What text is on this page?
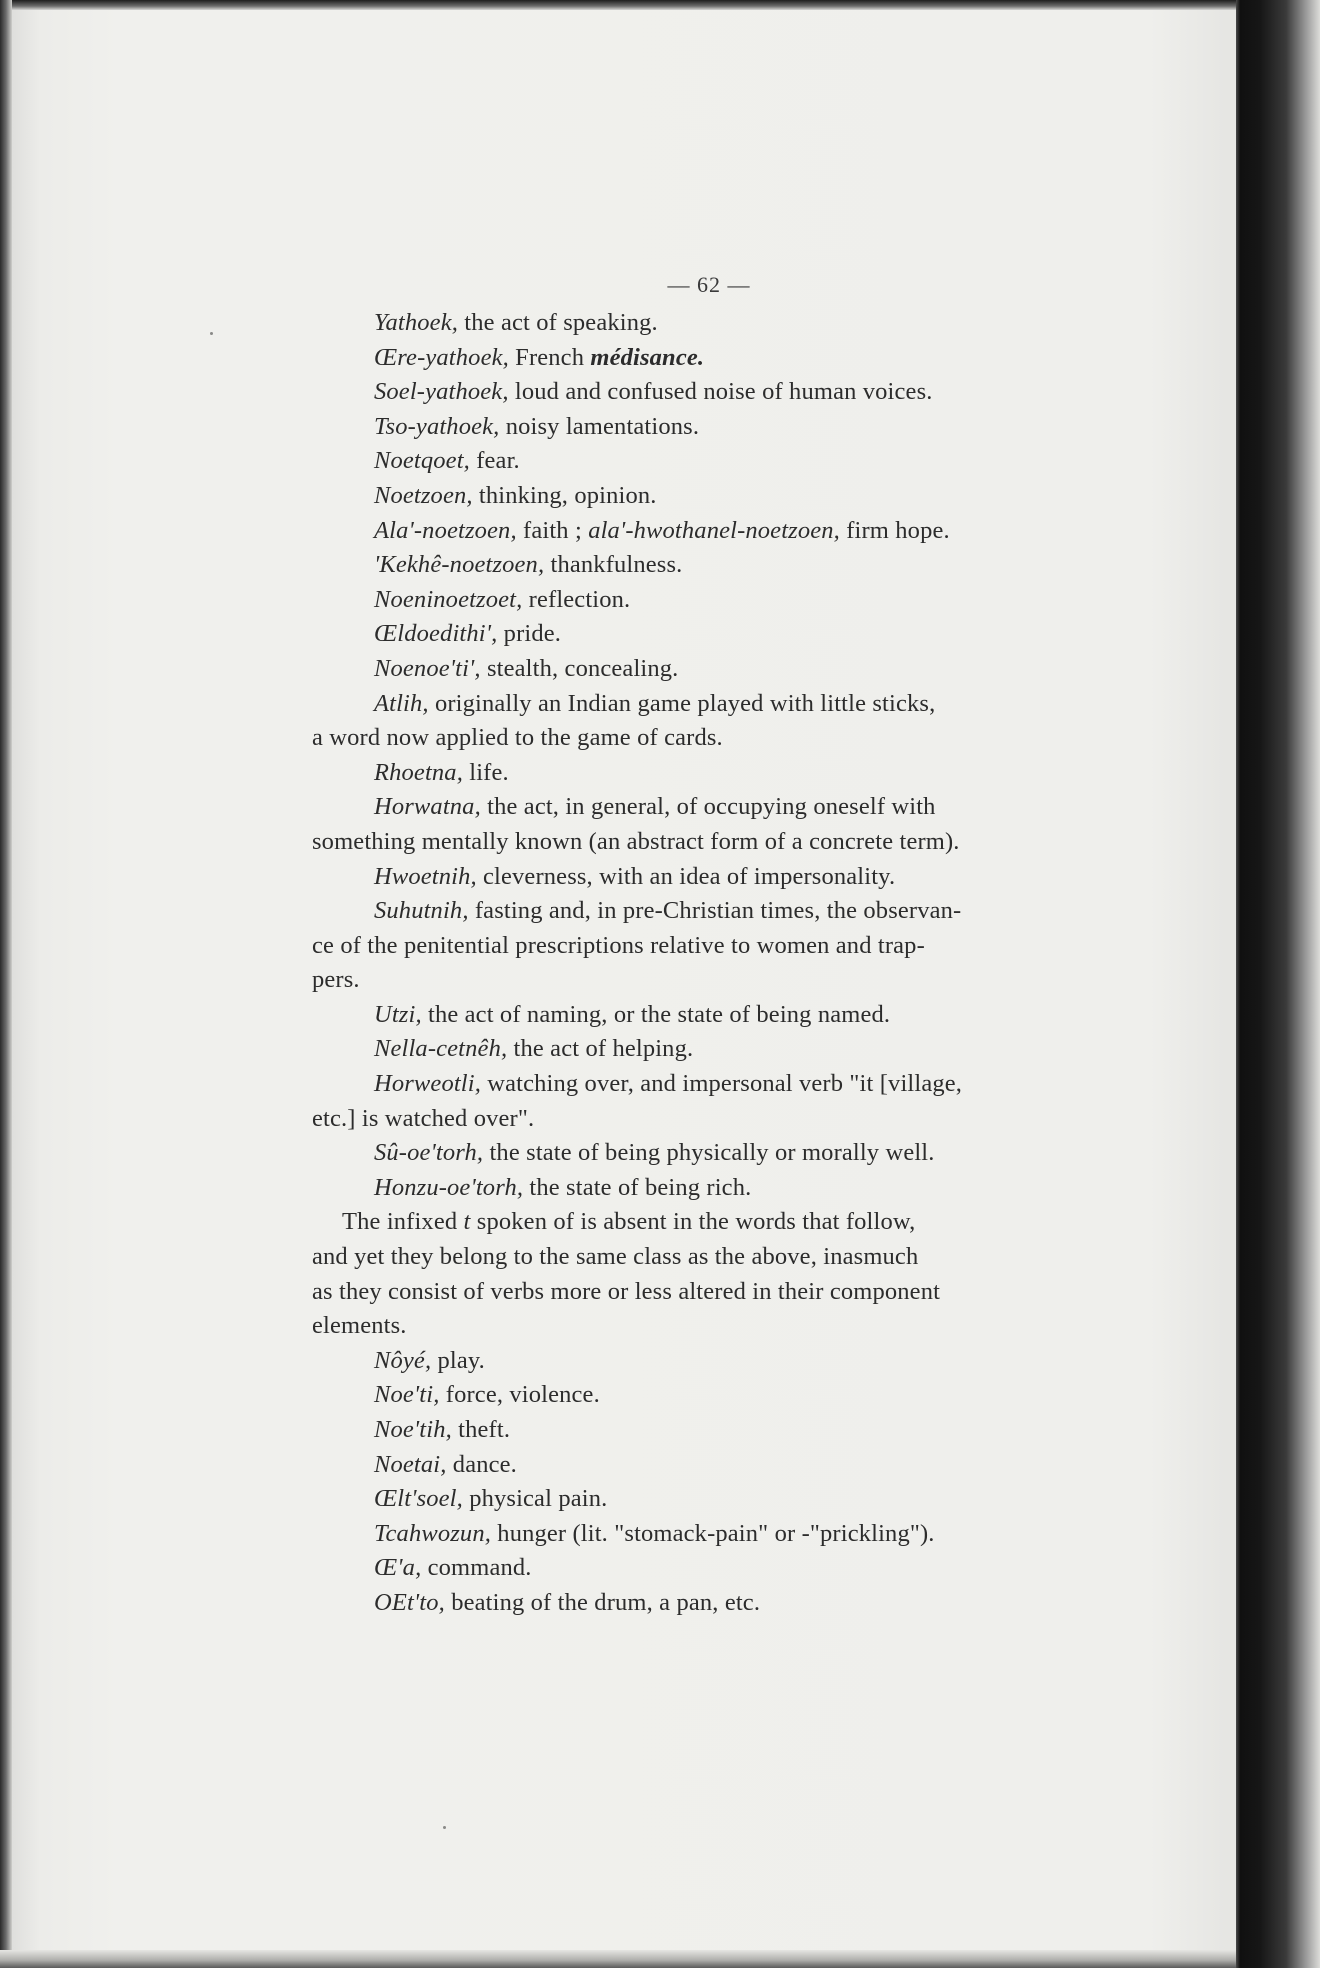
— 62 —
Yathoek, the act of speaking.
Œre-yathoek, French médisance.
Soel-yathoek, loud and confused noise of human voices.
Tso-yathoek, noisy lamentations.
Noetqoet, fear.
Noetzoen, thinking, opinion.
Ala'-noetzoen, faith ; ala'-hwothanel-noetzoen, firm hope.
'Kekhê-noetzoen, thankfulness.
Noeninoetzoet, reflection.
Œldoedithi', pride.
Noenoe'ti', stealth, concealing.
Atlih, originally an Indian game played with little sticks,
a word now applied to the game of cards.
Rhoetna, life.
Horwatna, the act, in general, of occupying oneself with
something mentally known (an abstract form of a concrete term).
Hwoetnih, cleverness, with an idea of impersonality.
Suhutnih, fasting and, in pre-Christian times, the observan-
ce of the penitential prescriptions relative to women and trap-
pers.
Utzi, the act of naming, or the state of being named.
Nella-cetnêh, the act of helping.
Horweotli, watching over, and impersonal verb "it [village,
etc.] is watched over".
Sû-oe'torh, the state of being physically or morally well.
Honzu-oe'torh, the state of being rich.
The infixed t spoken of is absent in the words that follow,
and yet they belong to the same class as the above, inasmuch
as they consist of verbs more or less altered in their component
elements.
Nôyé, play.
Noe'ti, force, violence.
Noe'tih, theft.
Noetai, dance.
Œlt'soel, physical pain.
Tcahwozun, hunger (lit. "stomack-pain" or -"prickling").
Œ'a, command.
OEt'to, beating of the drum, a pan, etc.
